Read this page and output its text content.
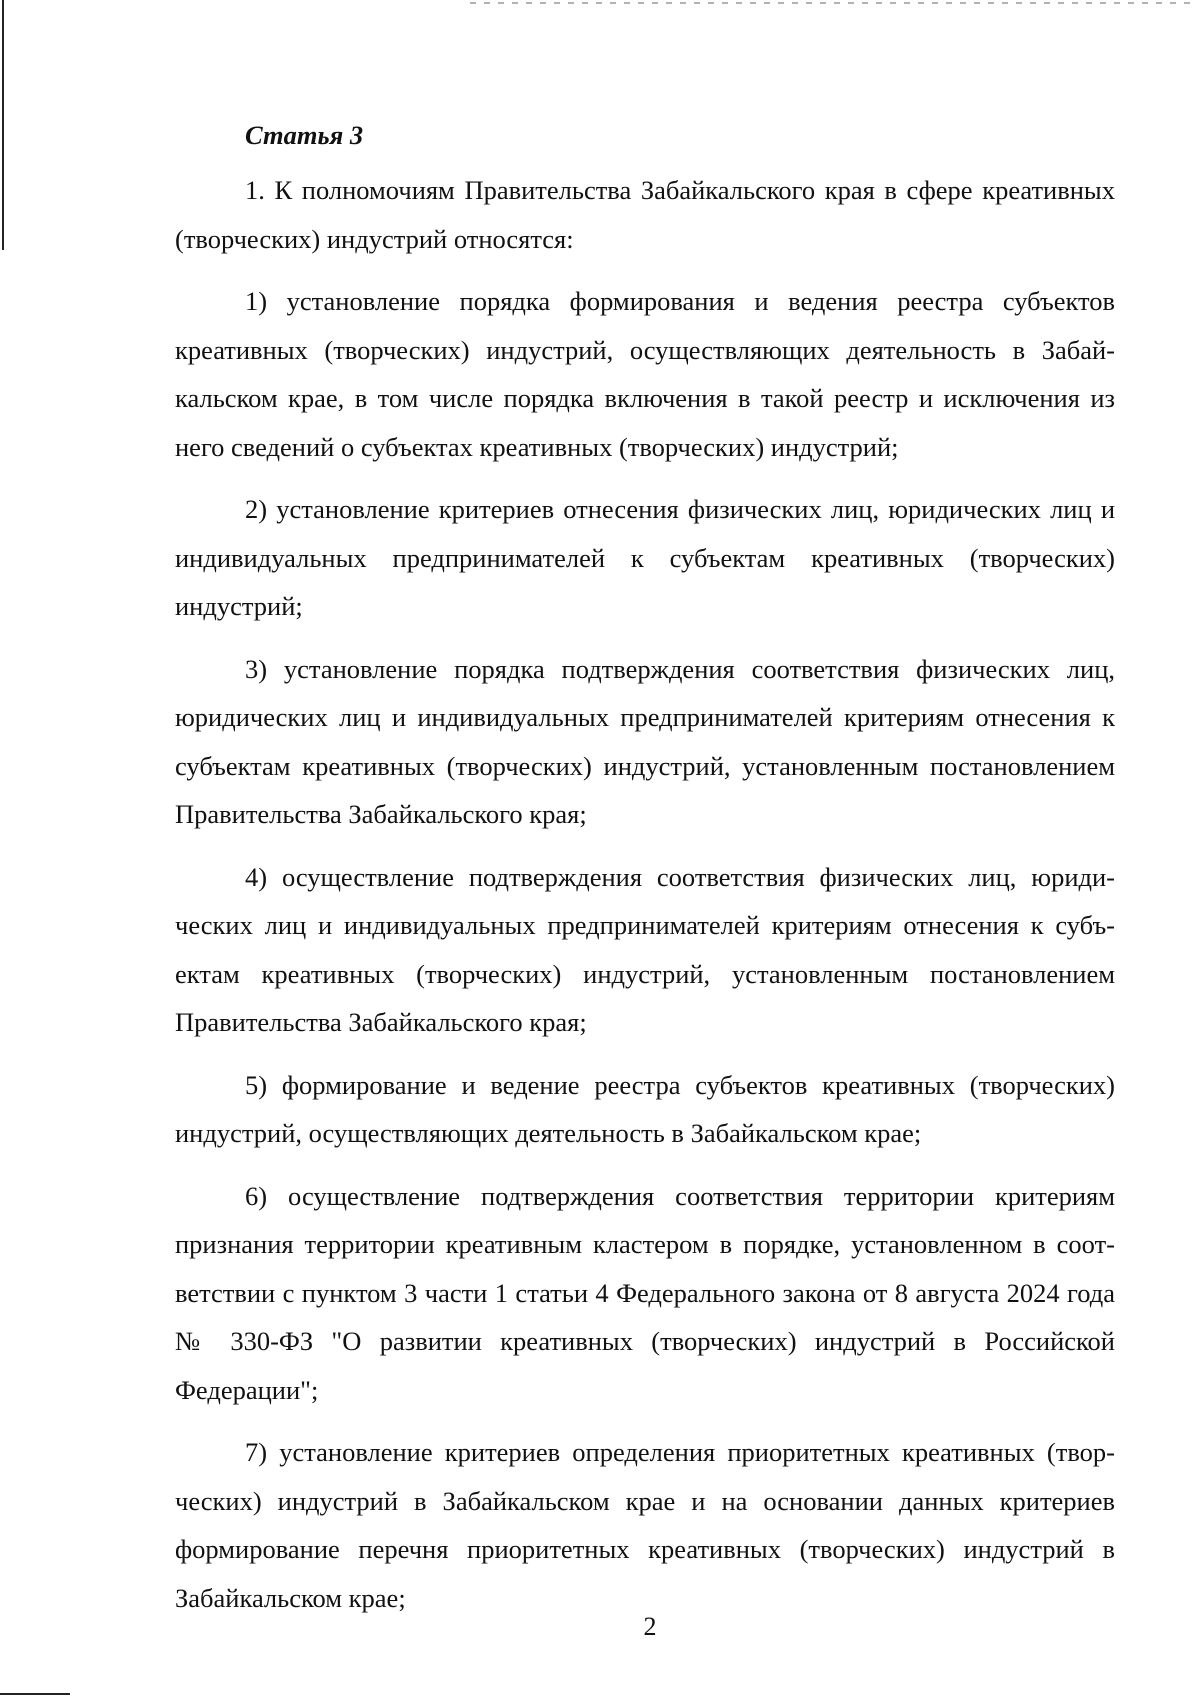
Статья 3

1. К полномочиям Правительства Забайкальского края в сфере креативных (творческих) индустрий относятся:

1) установление порядка формирования и ведения реестра субъектов креативных (творческих) индустрий, осуществляющих деятельность в Забайкальском крае, в том числе порядка включения в такой реестр и исключения из него сведений о субъектах креативных (творческих) индустрий;

2) установление критериев отнесения физических лиц, юридических лиц и индивидуальных предпринимателей к субъектам креативных (творческих) индустрий;

3) установление порядка подтверждения соответствия физических лиц, юридических лиц и индивидуальных предпринимателей критериям отнесения к субъектам креативных (творческих) индустрий, установленным постановлением Правительства Забайкальского края;

4) осуществление подтверждения соответствия физических лиц, юридических лиц и индивидуальных предпринимателей критериям отнесения к субъектам креативных (творческих) индустрий, установленным постановлением Правительства Забайкальского края;

5) формирование и ведение реестра субъектов креативных (творческих) индустрий, осуществляющих деятельность в Забайкальском крае;

6) осуществление подтверждения соответствия территории критериям признания территории креативным кластером в порядке, установленном в соответствии с пунктом 3 части 1 статьи 4 Федерального закона от 8 августа 2024 года № 330-ФЗ "О развитии креативных (творческих) индустрий в Российской Федерации";

7) установление критериев определения приоритетных креативных (творческих) индустрий в Забайкальском крае и на основании данных критериев формирование перечня приоритетных креативных (творческих) индустрий в Забайкальском крае;

2
